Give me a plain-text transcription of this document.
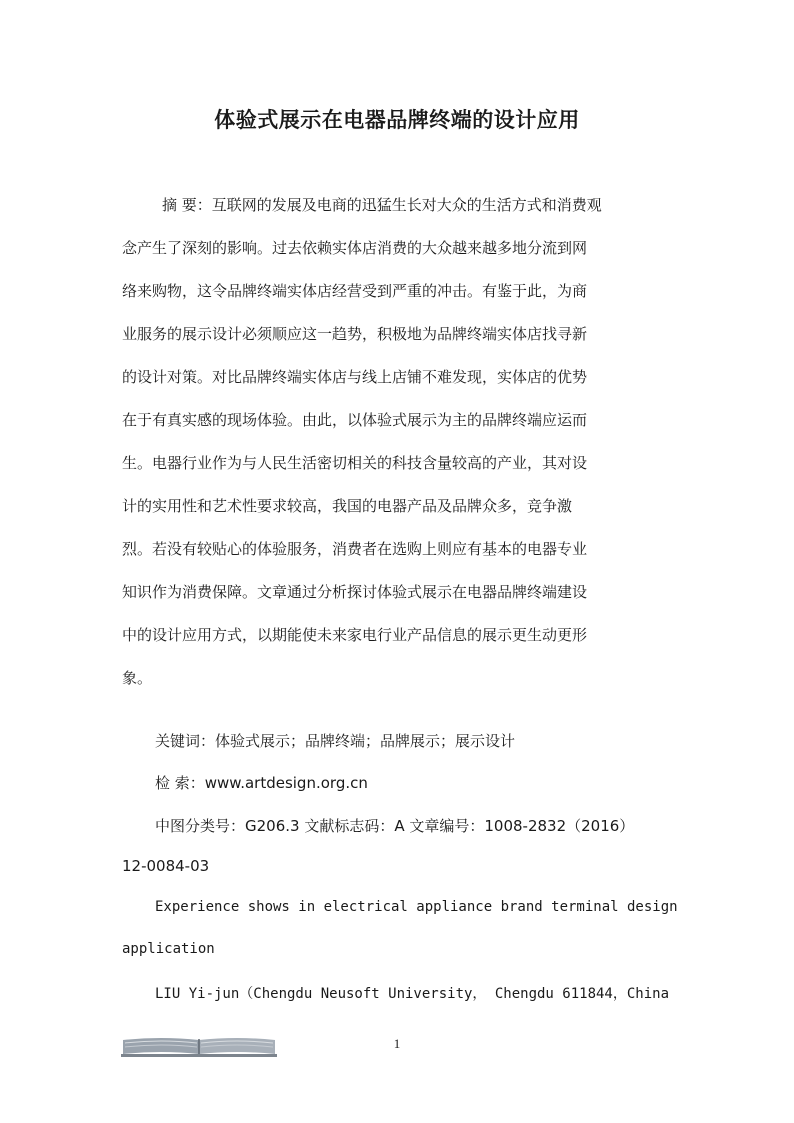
体验式展示在电器品牌终端的设计应用
摘 要：互联网的发展及电商的迅猛生长对大众的生活方式和消费观
念产生了深刻的影响。过去依赖实体店消费的大众越来越多地分流到网
络来购物，这令品牌终端实体店经营受到严重的冲击。有鉴于此，为商
业服务的展示设计必须顺应这一趋势，积极地为品牌终端实体店找寻新
的设计对策。对比品牌终端实体店与线上店铺不难发现，实体店的优势
在于有真实感的现场体验。由此，以体验式展示为主的品牌终端应运而
生。电器行业作为与人民生活密切相关的科技含量较高的产业，其对设
计的实用性和艺术性要求较高，我国的电器产品及品牌众多，竞争激
烈。若没有较贴心的体验服务，消费者在选购上则应有基本的电器专业
知识作为消费保障。文章通过分析探讨体验式展示在电器品牌终端建设
中的设计应用方式，以期能使未来家电行业产品信息的展示更生动更形
象。
关键词：体验式展示；品牌终端；品牌展示；展示设计
检 索：www.artdesign.org.cn
中图分类号：G206.3 文献标志码：A 文章编号：1008-2832（2016）
12-0084-03
Experience shows in electrical appliance brand terminal design
application
LIU Yi-jun（Chengdu Neusoft University， Chengdu 611844，China
1
